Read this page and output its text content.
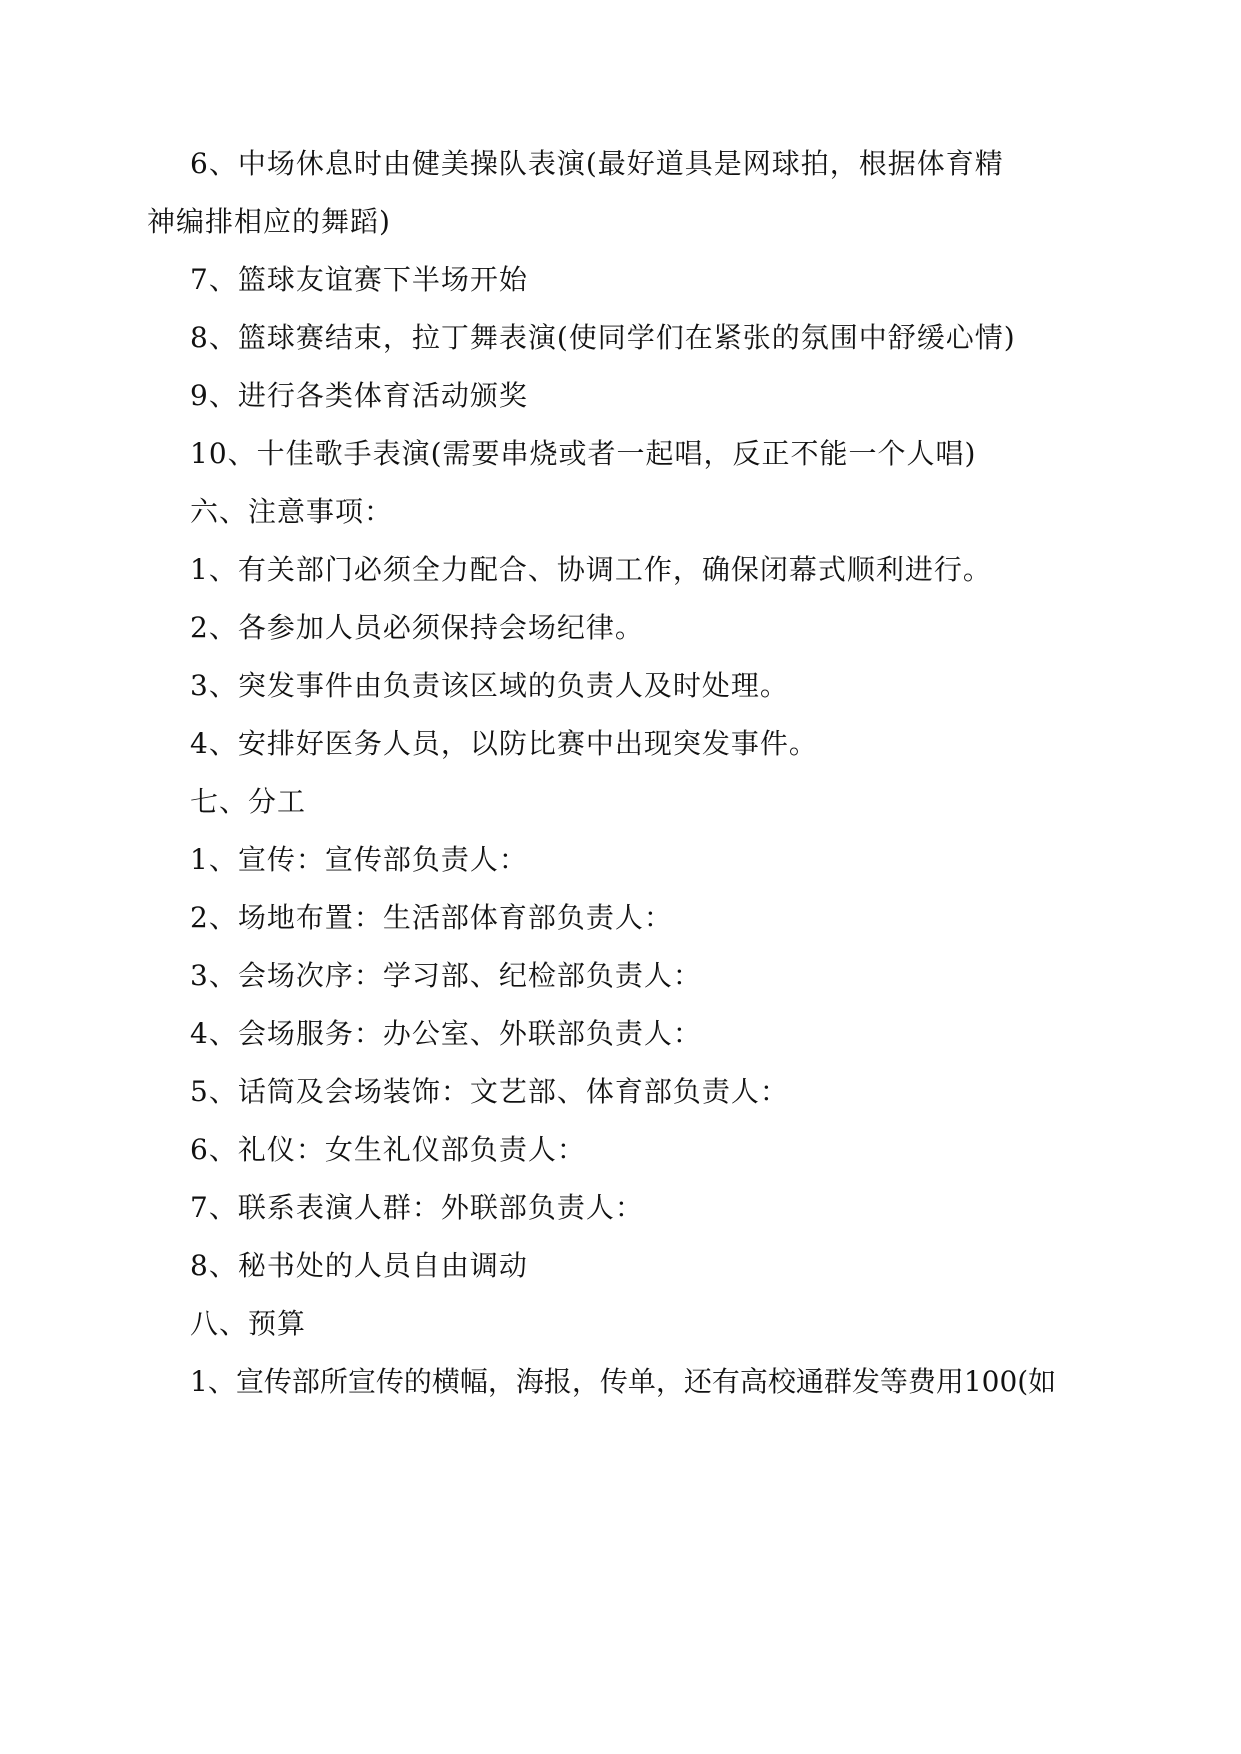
6、中场休息时由健美操队表演(最好道具是网球拍，根据体育精
神编排相应的舞蹈)
7、篮球友谊赛下半场开始
8、篮球赛结束，拉丁舞表演(使同学们在紧张的氛围中舒缓心情)
9、进行各类体育活动颁奖
10、十佳歌手表演(需要串烧或者一起唱，反正不能一个人唱)
六、注意事项：
1、有关部门必须全力配合、协调工作，确保闭幕式顺利进行。
2、各参加人员必须保持会场纪律。
3、突发事件由负责该区域的负责人及时处理。
4、安排好医务人员，以防比赛中出现突发事件。
七、分工
1、宣传：宣传部负责人：
2、场地布置：生活部体育部负责人：
3、会场次序：学习部、纪检部负责人：
4、会场服务：办公室、外联部负责人：
5、话筒及会场装饰：文艺部、体育部负责人：
6、礼仪：女生礼仪部负责人：
7、联系表演人群：外联部负责人：
8、秘书处的人员自由调动
八、预算
1、宣传部所宣传的横幅，海报，传单，还有高校通群发等费用100(如
